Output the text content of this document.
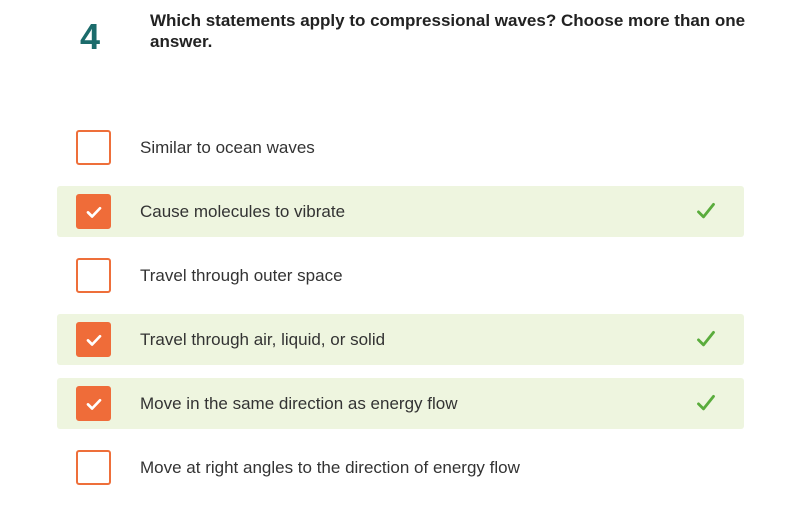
4	Which statements apply to compressional waves? Choose more than one answer.
Similar to ocean waves
Cause molecules to vibrate
Travel through outer space
Travel through air, liquid, or solid
Move in the same direction as energy flow
Move at right angles to the direction of energy flow
